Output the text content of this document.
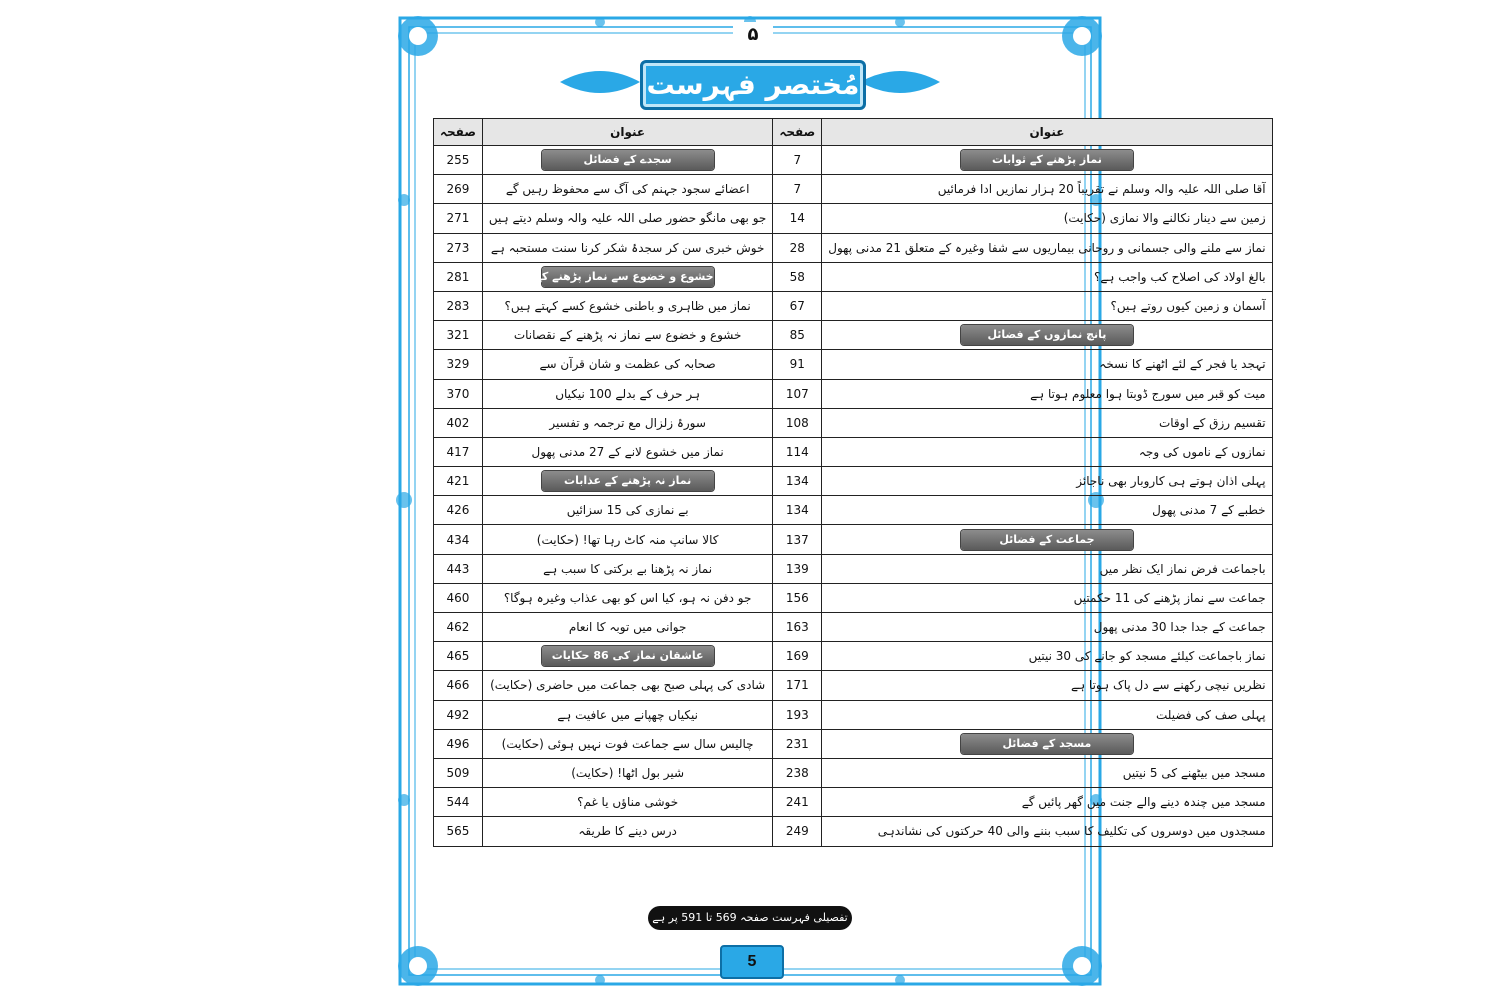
۵
مُختصر فہرست
عنوان	صفحہ	عنوان	صفحہ
نماز پڑھنے کے ثوابات	7	سجدے کے فضائل	255
آقا صلی اللہ علیہ والہ وسلم نے تقریباً 20 ہزار نمازیں ادا فرمائیں	7	اعضائے سجود جہنم کی آگ سے محفوظ رہیں گے	269
زمین سے دینار نکالنے والا نمازی (حکایت)	14	جو بھی مانگو حضور صلی اللہ علیہ والہ وسلم دیتے ہیں	271
نماز سے ملنے والی جسمانی و روحانی بیماریوں سے شفا وغیرہ کے متعلق 21 مدنی پھول	28	خوش خبری سن کر سجدۂ شکر کرنا سنت مستحبہ ہے	273
بالغ اولاد کی اصلاح کب واجب ہے؟	58	خشوع و خضوع سے نماز پڑھنے کے فضائل	281
آسمان و زمین کیوں روتے ہیں؟	67	نماز میں ظاہری و باطنی خشوع کسے کہتے ہیں؟	283
پانچ نمازوں کے فضائل	85	خشوع و خضوع سے نماز نہ پڑھنے کے نقصانات	321
تہجد یا فجر کے لئے اٹھنے کا نسخہ	91	صحابہ کی عظمت و شان قرآن سے	329
میت کو قبر میں سورج ڈوبتا ہوا معلوم ہوتا ہے	107	ہر حرف کے بدلے 100 نیکیاں	370
تقسیم رزق کے اوقات	108	سورۂ زلزال مع ترجمہ و تفسیر	402
نمازوں کے ناموں کی وجہ	114	نماز میں خشوع لانے کے 27 مدنی پھول	417
پہلی اذان ہوتے ہی کاروبار بھی ناجائز	134	نماز نہ پڑھنے کے عذابات	421
خطبے کے 7 مدنی پھول	134	بے نمازی کی 15 سزائیں	426
جماعت کے فضائل	137	کالا سانپ منہ کاٹ رہا تھا! (حکایت)	434
باجماعت فرض نماز ایک نظر میں	139	نماز نہ پڑھنا بے برکتی کا سبب ہے	443
جماعت سے نماز پڑھنے کی 11 حکمتیں	156	جو دفن نہ ہو، کیا اس کو بھی عذاب وغیرہ ہوگا؟	460
جماعت کے جدا جدا 30 مدنی پھول	163	جوانی میں توبہ کا انعام	462
نماز باجماعت کیلئے مسجد کو جانے کی 30 نیتیں	169	عاشقان نماز کی 86 حکایات	465
نظریں نیچی رکھنے سے دل پاک ہوتا ہے	171	شادی کی پہلی صبح بھی جماعت میں حاضری (حکایت)	466
پہلی صف کی فضیلت	193	نیکیاں چھپانے میں عافیت ہے	492
مسجد کے فضائل	231	چالیس سال سے جماعت فوت نہیں ہوئی (حکایت)	496
مسجد میں بیٹھنے کی 5 نیتیں	238	شیر بول اٹھا! (حکایت)	509
مسجد میں چندہ دینے والے جنت میں گھر پائیں گے	241	خوشی مناؤں یا غم؟	544
مسجدوں میں دوسروں کی تکلیف کا سبب بننے والی 40 حرکتوں کی نشاندہی	249	درس دینے کا طریقہ	565
تفصیلی فہرست صفحہ 569 تا 591 پر ہے
5
